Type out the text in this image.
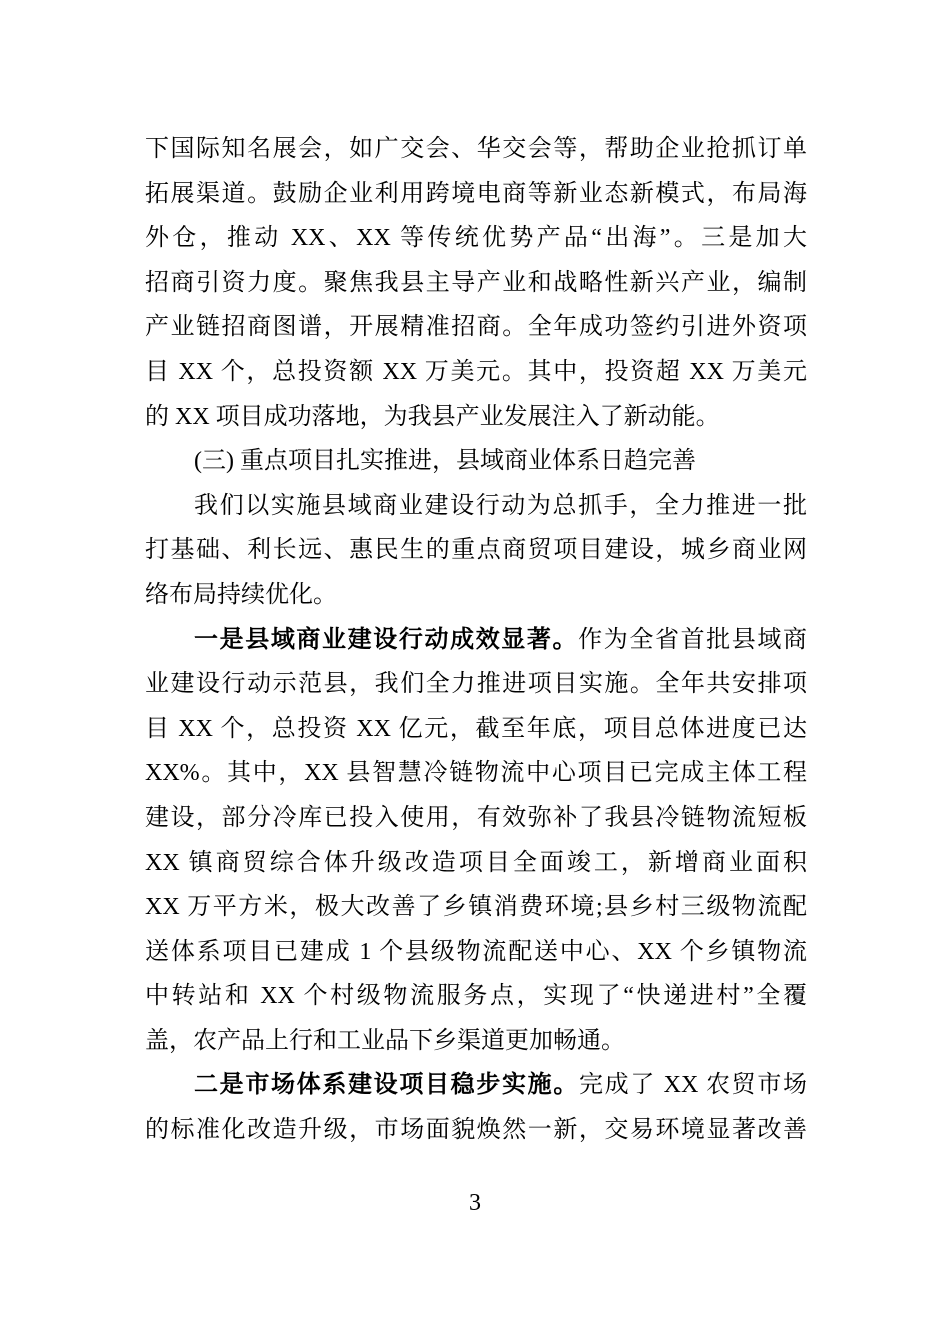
下国际知名展会，如广交会、华交会等，帮助企业抢抓订单
拓展渠道。鼓励企业利用跨境电商等新业态新模式，布局海
外仓，推动 XX、XX 等传统优势产品“出海”。三是加大
招商引资力度。聚焦我县主导产业和战略性新兴产业，编制
产业链招商图谱，开展精准招商。全年成功签约引进外资项
目 XX 个，总投资额 XX 万美元。其中，投资超 XX 万美元
的 XX 项目成功落地，为我县产业发展注入了新动能。
(三) 重点项目扎实推进，县域商业体系日趋完善
我们以实施县域商业建设行动为总抓手，全力推进一批
打基础、利长远、惠民生的重点商贸项目建设，城乡商业网
络布局持续优化。
一是县域商业建设行动成效显著。作为全省首批县域商
业建设行动示范县，我们全力推进项目实施。全年共安排项
目 XX 个，总投资 XX 亿元，截至年底，项目总体进度已达
XX%。其中，XX 县智慧冷链物流中心项目已完成主体工程
建设，部分冷库已投入使用，有效弥补了我县冷链物流短板
XX 镇商贸综合体升级改造项目全面竣工，新增商业面积
XX 万平方米，极大改善了乡镇消费环境;县乡村三级物流配
送体系项目已建成 1 个县级物流配送中心、XX 个乡镇物流
中转站和 XX 个村级物流服务点，实现了“快递进村”全覆
盖，农产品上行和工业品下乡渠道更加畅通。
二是市场体系建设项目稳步实施。完成了 XX 农贸市场
的标准化改造升级，市场面貌焕然一新，交易环境显著改善
3
